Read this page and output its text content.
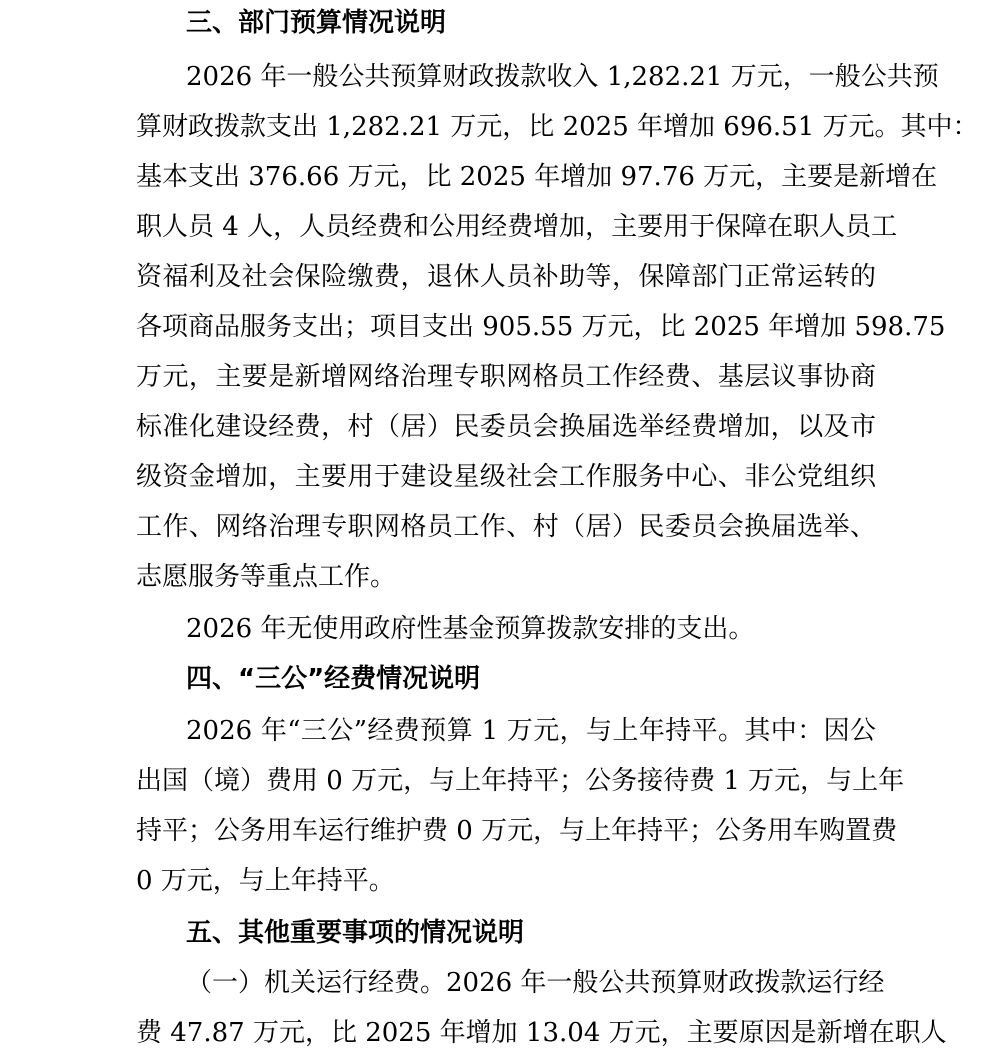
三、部门预算情况说明
2026 年一般公共预算财政拨款收入 1,282.21 万元，一般公共预
算财政拨款支出 1,282.21 万元，比 2025 年增加 696.51 万元。其中：
基本支出 376.66 万元，比 2025 年增加 97.76 万元，主要是新增在
职人员 4 人，人员经费和公用经费增加，主要用于保障在职人员工
资福利及社会保险缴费，退休人员补助等，保障部门正常运转的
各项商品服务支出；项目支出 905.55 万元，比 2025 年增加 598.75
万元，主要是新增网络治理专职网格员工作经费、基层议事协商
标准化建设经费，村（居）民委员会换届选举经费增加，以及市
级资金增加，主要用于建设星级社会工作服务中心、非公党组织
工作、网络治理专职网格员工作、村（居）民委员会换届选举、
志愿服务等重点工作。
2026 年无使用政府性基金预算拨款安排的支出。
四、“三公”经费情况说明
2026 年“三公”经费预算 1 万元，与上年持平。其中：因公
出国（境）费用 0 万元，与上年持平；公务接待费 1 万元，与上年
持平；公务用车运行维护费 0 万元，与上年持平；公务用车购置费
0 万元，与上年持平。
五、其他重要事项的情况说明
（一）机关运行经费。2026 年一般公共预算财政拨款运行经
费 47.87 万元，比 2025 年增加 13.04 万元，主要原因是新增在职人
